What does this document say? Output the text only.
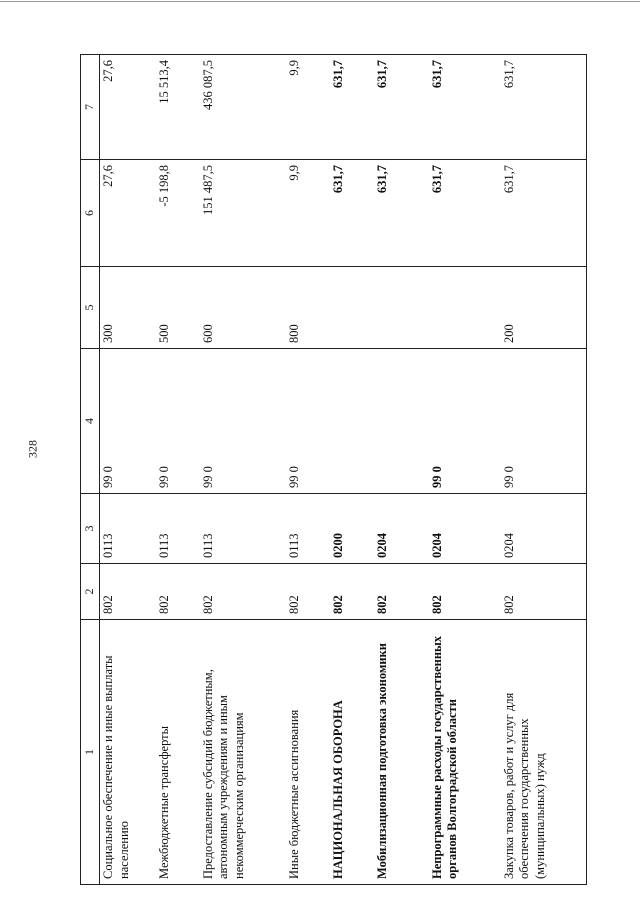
328
1	2	3	4	5	6	7
Социальное обеспечение и иные выплаты населению	802	0113	99 0	300	27,6	27,6
Межбюджетные трансферты	802	0113	99 0	500	-5 198,8	15 513,4
Предоставление субсидий бюджетным, автономным учреждениям и иным некоммерческим организациям	802	0113	99 0	600	151 487,5	436 087,5
Иные бюджетные ассигнования	802	0113	99 0	800	9,9	9,9
НАЦИОНАЛЬНАЯ ОБОРОНА	802	0200			631,7	631,7
Мобилизационная подготовка экономики	802	0204			631,7	631,7
Непрограммные расходы государственных органов Волгоградской области	802	0204	99 0		631,7	631,7
Закупка товаров, работ и услуг для обеспечения государственных (муниципальных) нужд	802	0204	99 0	200	631,7	631,7
